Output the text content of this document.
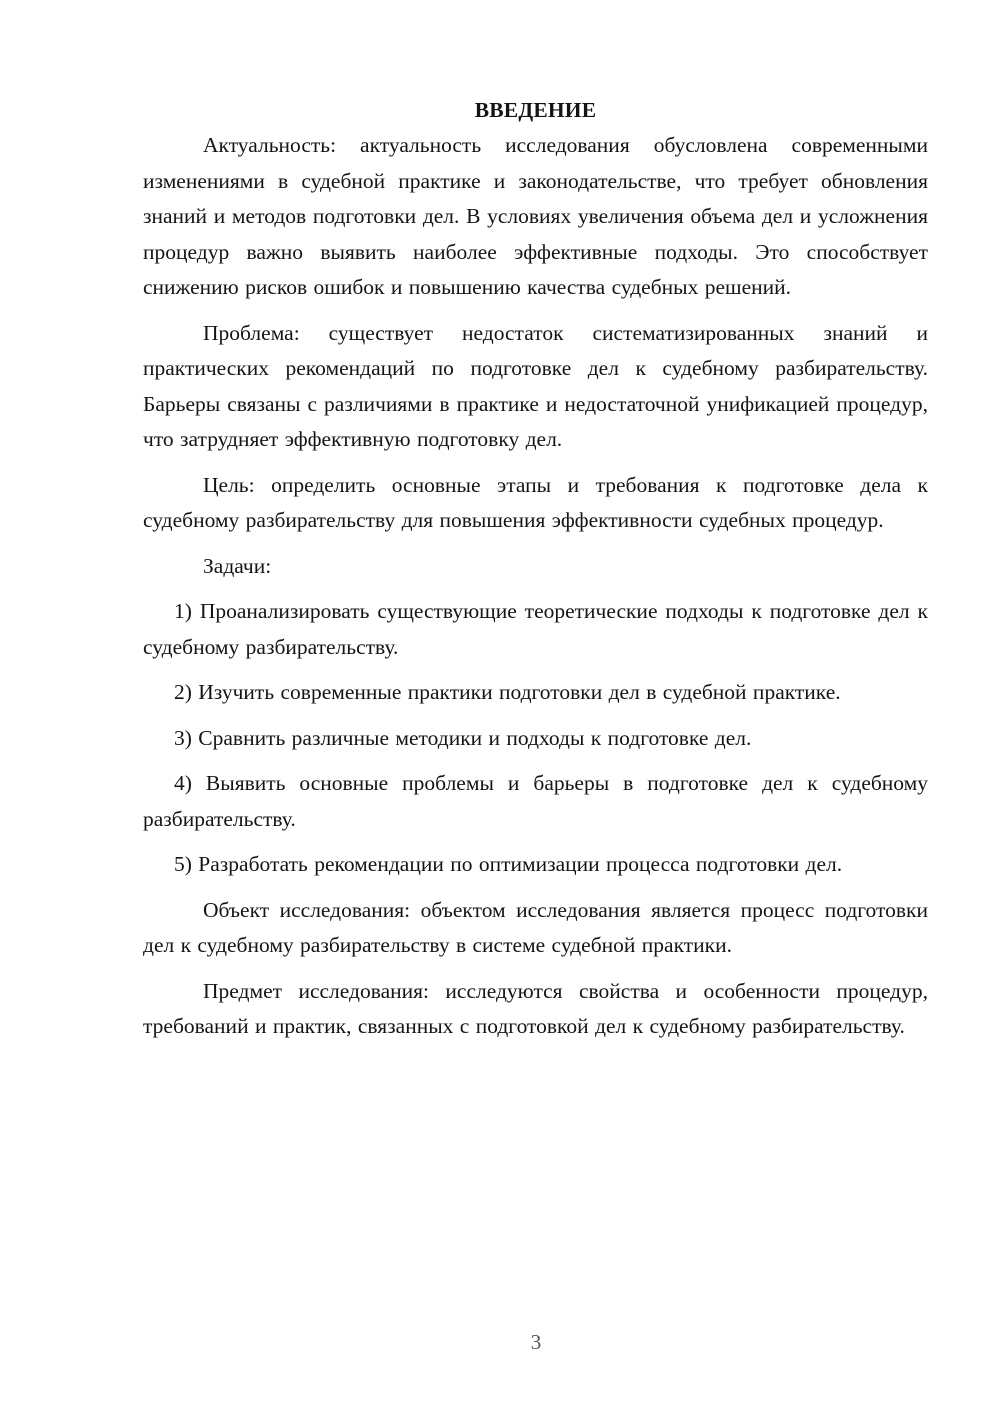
ВВЕДЕНИЕ

Актуальность: актуальность исследования обусловлена современными изменениями в судебной практике и законодательстве, что требует обновления знаний и методов подготовки дел. В условиях увеличения объема дел и усложнения процедур важно выявить наиболее эффективные подходы. Это способствует снижению рисков ошибок и повышению качества судебных решений.

Проблема: существует недостаток систематизированных знаний и практических рекомендаций по подготовке дел к судебному разбирательству. Барьеры связаны с различиями в практике и недостаточной унификацией процедур, что затрудняет эффективную подготовку дел.

Цель: определить основные этапы и требования к подготовке дела к судебному разбирательству для повышения эффективности судебных процедур.

Задачи:

1) Проанализировать существующие теоретические подходы к подготовке дел к судебному разбирательству.

2) Изучить современные практики подготовки дел в судебной практике.

3) Сравнить различные методики и подходы к подготовке дел.

4) Выявить основные проблемы и барьеры в подготовке дел к судебному разбирательству.

5) Разработать рекомендации по оптимизации процесса подготовки дел.

Объект исследования: объектом исследования является процесс подготовки дел к судебному разбирательству в системе судебной практики.

Предмет исследования: исследуются свойства и особенности процедур, требований и практик, связанных с подготовкой дел к судебному разбирательству.

3
